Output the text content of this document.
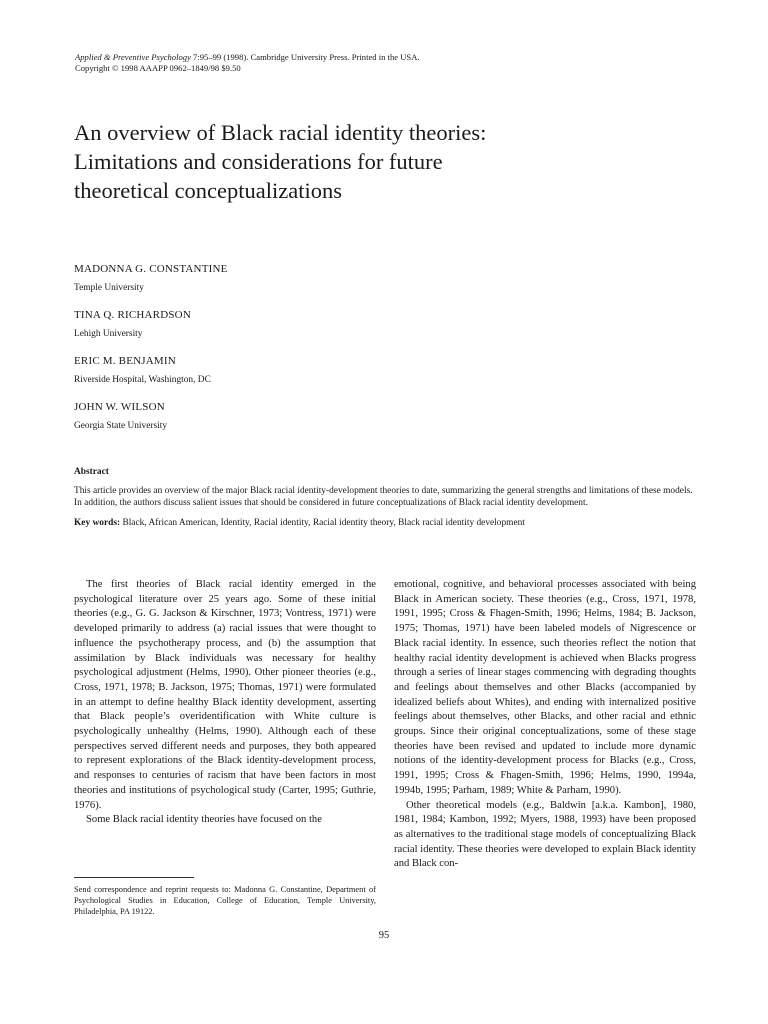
Applied & Preventive Psychology 7:95–99 (1998). Cambridge University Press. Printed in the USA.
Copyright © 1998 AAAPP 0962–1849/98 $9.50
An overview of Black racial identity theories:
Limitations and considerations for future
theoretical conceptualizations
MADONNA G. CONSTANTINE
Temple University
TINA Q. RICHARDSON
Lehigh University
ERIC M. BENJAMIN
Riverside Hospital, Washington, DC
JOHN W. WILSON
Georgia State University
Abstract
This article provides an overview of the major Black racial identity-development theories to date, summarizing the general strengths and limitations of these models. In addition, the authors discuss salient issues that should be considered in future conceptualizations of Black racial identity development.
Key words: Black, African American, Identity, Racial identity, Racial identity theory, Black racial identity development

The first theories of Black racial identity emerged in the psychological literature over 25 years ago. Some of these initial theories (e.g., G. G. Jackson & Kirschner, 1973; Vontress, 1971) were developed primarily to address (a) racial issues that were thought to influence the psychotherapy process, and (b) the assumption that assimilation by Black individuals was necessary for healthy psychological adjustment (Helms, 1990). Other pioneer theories (e.g., Cross, 1971, 1978; B. Jackson, 1975; Thomas, 1971) were formulated in an attempt to define healthy Black identity development, asserting that Black people’s overidentification with White culture is psychologically unhealthy (Helms, 1990). Although each of these perspectives served different needs and purposes, they both appeared to represent explorations of the Black identity-development process, and responses to centuries of racism that have been factors in most theories and institutions of psychological study (Carter, 1995; Guthrie, 1976).

Some Black racial identity theories have focused on the

emotional, cognitive, and behavioral processes associated with being Black in American society. These theories (e.g., Cross, 1971, 1978, 1991, 1995; Cross & Fhagen-Smith, 1996; Helms, 1984; B. Jackson, 1975; Thomas, 1971) have been labeled models of Nigrescence or Black racial identity. In essence, such theories reflect the notion that healthy racial identity development is achieved when Blacks progress through a series of linear stages commencing with degrading thoughts and feelings about themselves and other Blacks (accompanied by idealized beliefs about Whites), and ending with internalized positive feelings about themselves, other Blacks, and other racial and ethnic groups. Since their original conceptualizations, some of these stage theories have been revised and updated to include more dynamic notions of the identity-development process for Blacks (e.g., Cross, 1991, 1995; Cross & Fhagen-Smith, 1996; Helms, 1990, 1994a, 1994b, 1995; Parham, 1989; White & Parham, 1990).

Other theoretical models (e.g., Baldwin [a.k.a. Kambon], 1980, 1981, 1984; Kambon, 1992; Myers, 1988, 1993) have been proposed as alternatives to the traditional stage models of conceptualizing Black racial identity. These theories were developed to explain Black identity and Black con-

Send correspondence and reprint requests to: Madonna G. Constantine, Department of Psychological Studies in Education, College of Education, Temple University, Philadelphia, PA 19122.
95
